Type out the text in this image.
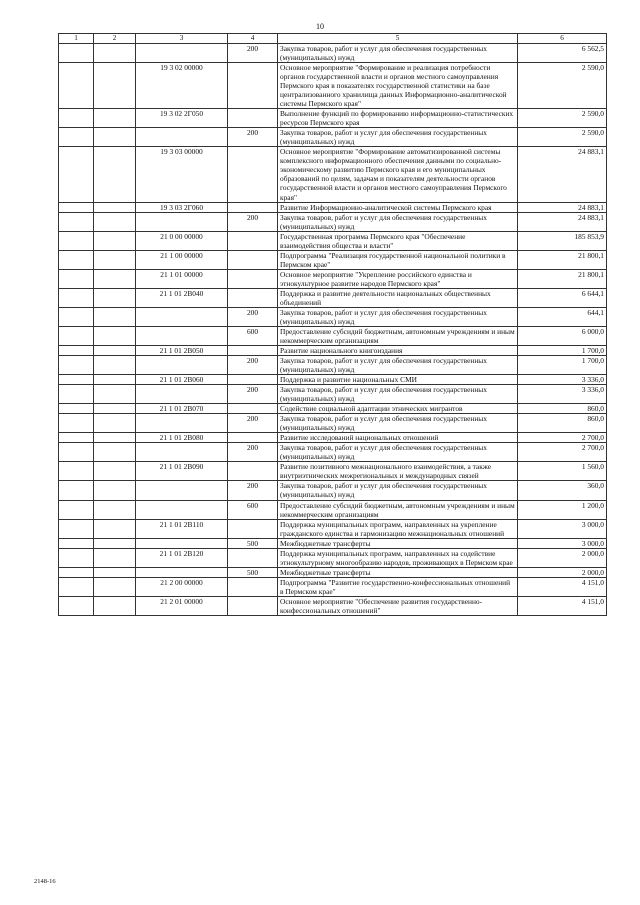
10
1	2	3	4	5	6
			200	Закупка товаров, работ и услуг для обеспечения государственных (муниципальных) нужд	6 562,5
		19 3 02 00000		Основное мероприятие "Формирование и реализация потребности органов государственной власти и органов местного самоуправления Пермского края в показателях государственной статистики на базе централизованного хранилища данных Информационно-аналитической системы Пермского края"	2 590,0
		19 3 02 2Г050		Выполнение функций по формированию информационно-статистических ресурсов Пермского края	2 590,0
			200	Закупка товаров, работ и услуг для обеспечения государственных (муниципальных) нужд	2 590,0
		19 3 03 00000		Основное мероприятие "Формирование автоматизированной системы комплексного информационного обеспечения данными по социально-экономическому развитию Пермского края и его муниципальных образований по целям, задачам и показателям деятельности органов государственной власти и органов местного самоуправления Пермского края"	24 883,1
		19 3 03 2Г060		Развитие Информационно-аналитической системы Пермского края	24 883,1
			200	Закупка товаров, работ и услуг для обеспечения государственных (муниципальных) нужд	24 883,1
		21 0 00 00000		Государственная программа Пермского края "Обеспечение взаимодействия общества и власти"	185 853,9
		21 1 00 00000		Подпрограмма "Реализация государственной национальной политики в Пермском крае"	21 800,1
		21 1 01 00000		Основное мероприятие "Укрепление российского единства и этнокультурное развитие народов Пермского края"	21 800,1
		21 1 01 2В040		Поддержка и развитие деятельности национальных общественных объединений	6 644,1
			200	Закупка товаров, работ и услуг для обеспечения государственных (муниципальных) нужд	644,1
			600	Предоставление субсидий бюджетным, автономным учреждениям и иным некоммерческим организациям	6 000,0
		21 1 01 2В050		Развитие национального книгоиздания	1 700,0
			200	Закупка товаров, работ и услуг для обеспечения государственных (муниципальных) нужд	1 700,0
		21 1 01 2В060		Поддержка и развитие национальных СМИ	3 336,0
			200	Закупка товаров, работ и услуг для обеспечения государственных (муниципальных) нужд	3 336,0
		21 1 01 2В070		Содействие социальной адаптации этнических мигрантов	860,0
			200	Закупка товаров, работ и услуг для обеспечения государственных (муниципальных) нужд	860,0
		21 1 01 2В080		Развитие исследований национальных отношений	2 700,0
			200	Закупка товаров, работ и услуг для обеспечения государственных (муниципальных) нужд	2 700,0
		21 1 01 2В090		Развитие позитивного межнационального взаимодействия, а также внутриэтнических межрегиональных и международных связей	1 560,0
			200	Закупка товаров, работ и услуг для обеспечения государственных (муниципальных) нужд	360,0
			600	Предоставление субсидий бюджетным, автономным учреждениям и иным некоммерческим организациям	1 200,0
		21 1 01 2В110		Поддержка муниципальных программ, направленных на укрепление гражданского единства и гармонизацию межнациональных отношений	3 000,0
			500	Межбюджетные трансферты	3 000,0
		21 1 01 2В120		Поддержка муниципальных программ, направленных на содействие этнокультурному многообразию народов, проживающих в Пермском крае	2 000,0
			500	Межбюджетные трансферты	2 000,0
		21 2 00 00000		Подпрограмма "Развитие государственно-конфессиональных отношений в Пермском крае"	4 151,0
		21 2 01 00000		Основное мероприятие "Обеспечение развития государственно-конфессиональных отношений"	4 151,0
2148-16
